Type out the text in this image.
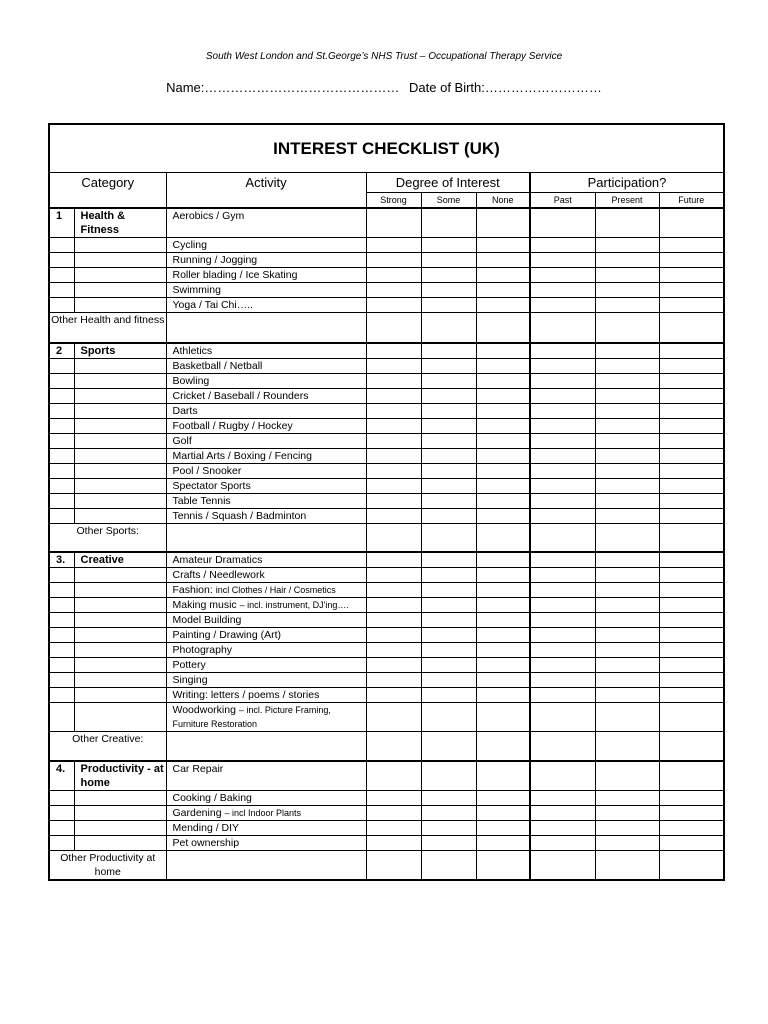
South West London and St.George’s NHS Trust – Occupational Therapy Service
Name:……………………………………… Date of Birth:………………………
INTEREST CHECKLIST (UK)								
Category		Activity	Degree of Interest			Participation?		
			Strong	Some	None	Past	Present	Future
1	Health & Fitness	Aerobics / Gym						
		Cycling						
		Running / Jogging						
		Roller blading / Ice Skating						
		Swimming						
		Yoga / Tai Chi…..						
Other Health and fitness								
2	Sports	Athletics						
		Basketball / Netball						
		Bowling						
		Cricket / Baseball / Rounders						
		Darts						
		Football / Rugby / Hockey						
		Golf						
		Martial Arts / Boxing / Fencing						
		Pool / Snooker						
		Spectator Sports						
		Table Tennis						
		Tennis / Squash / Badminton						
Other Sports:								
3.	Creative	Amateur Dramatics						
		Crafts / Needlework						
		Fashion: incl Clothes / Hair / Cosmetics						
		Making music – incl. instrument, DJ'ing….						
		Model Building						
		Painting / Drawing (Art)						
		Photography						
		Pottery						
		Singing						
		Writing: letters / poems / stories						
		Woodworking – incl. Picture Framing,
Furniture Restoration						
Other Creative:								
4.	Productivity - at home	Car Repair						
		Cooking / Baking						
		Gardening – incl Indoor Plants						
		Mending / DIY						
		Pet ownership						
Other Productivity at home								
